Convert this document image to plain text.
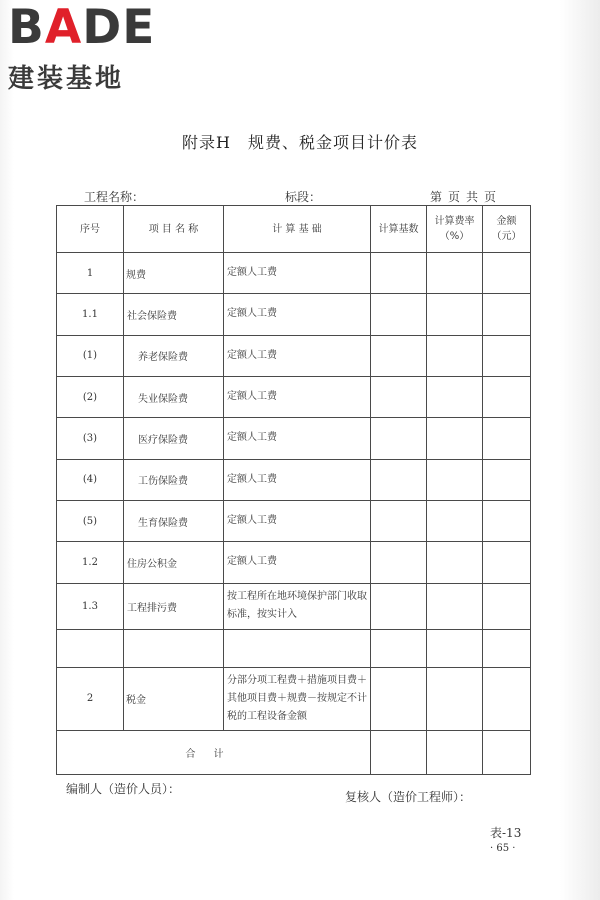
BADE
建装基地
附录H　规费、税金项目计价表
工程名称：	标段：	第页共页
序号	项 目 名 称	计 算 基 础	计算基数	计算费率（%）	金额（元）
1	规费	定额人工费			
1.1	社会保险费	定额人工费			
(1)	养老保险费	定额人工费			
(2)	失业保险费	定额人工费			
(3)	医疗保险费	定额人工费			
(4)	工伤保险费	定额人工费			
(5)	生育保险费	定额人工费			
1.2	住房公积金	定额人工费			
1.3	工程排污费	按工程所在地环境保护部门收取标准，按实计入			

2	税金	分部分项工程费＋措施项目费＋其他项目费＋规费－按规定不计税的工程设备金额			
合计					
编制人（造价人员）：
复核人（造价工程师）：
表-13
· 65 ·
